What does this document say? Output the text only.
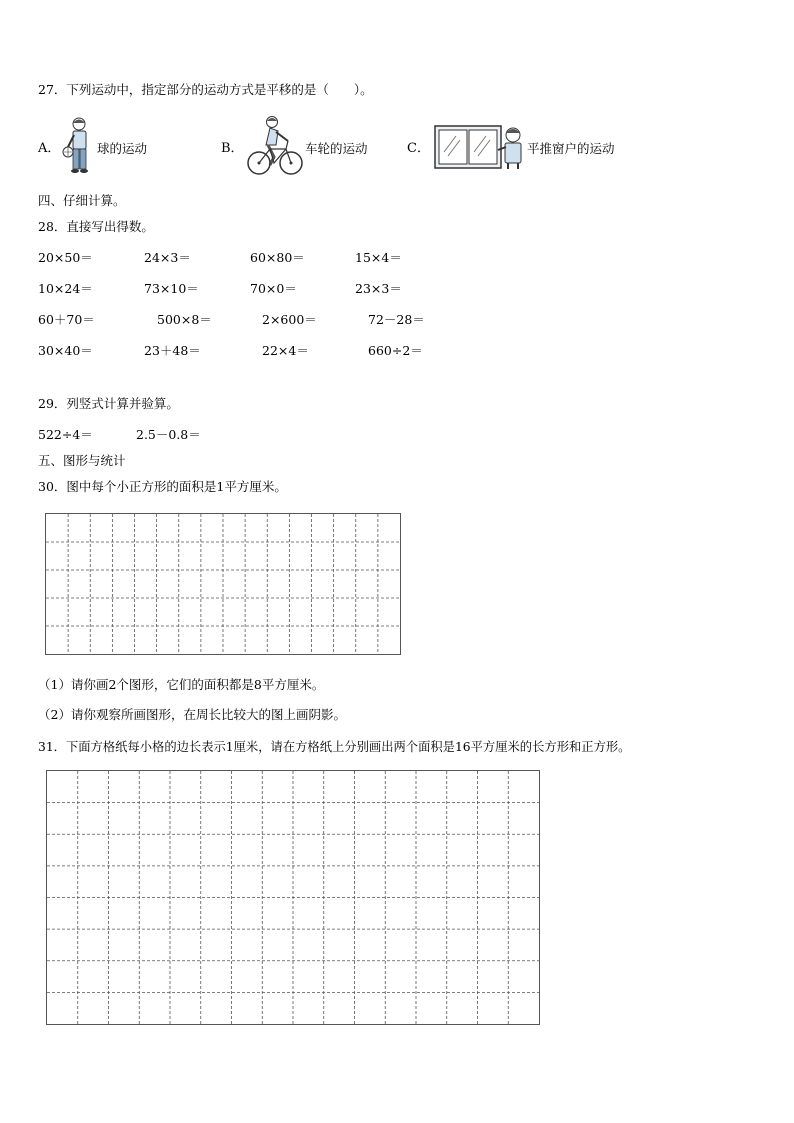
27．下列运动中，指定部分的运动方式是平移的是（　　）。
A．	球的运动	B．	车轮的运动	C．	平推窗户的运动
四、仔细计算。
28．直接写出得数。
20×50＝	24×3＝	60×80＝	15×4＝
10×24＝	73×10＝	70×0＝	23×3＝
60＋70＝	500×8＝	2×600＝	72－28＝
30×40＝	23＋48＝	22×4＝	660÷2＝
29．列竖式计算并验算。
522÷4＝	2.5－0.8＝
五、图形与统计
30．图中每个小正方形的面积是1平方厘米。
（1）请你画2个图形，它们的面积都是8平方厘米。
（2）请你观察所画图形，在周长比较大的图上画阴影。
31．下面方格纸每小格的边长表示1厘米，请在方格纸上分别画出两个面积是16平方厘米的长方形和正方形。
